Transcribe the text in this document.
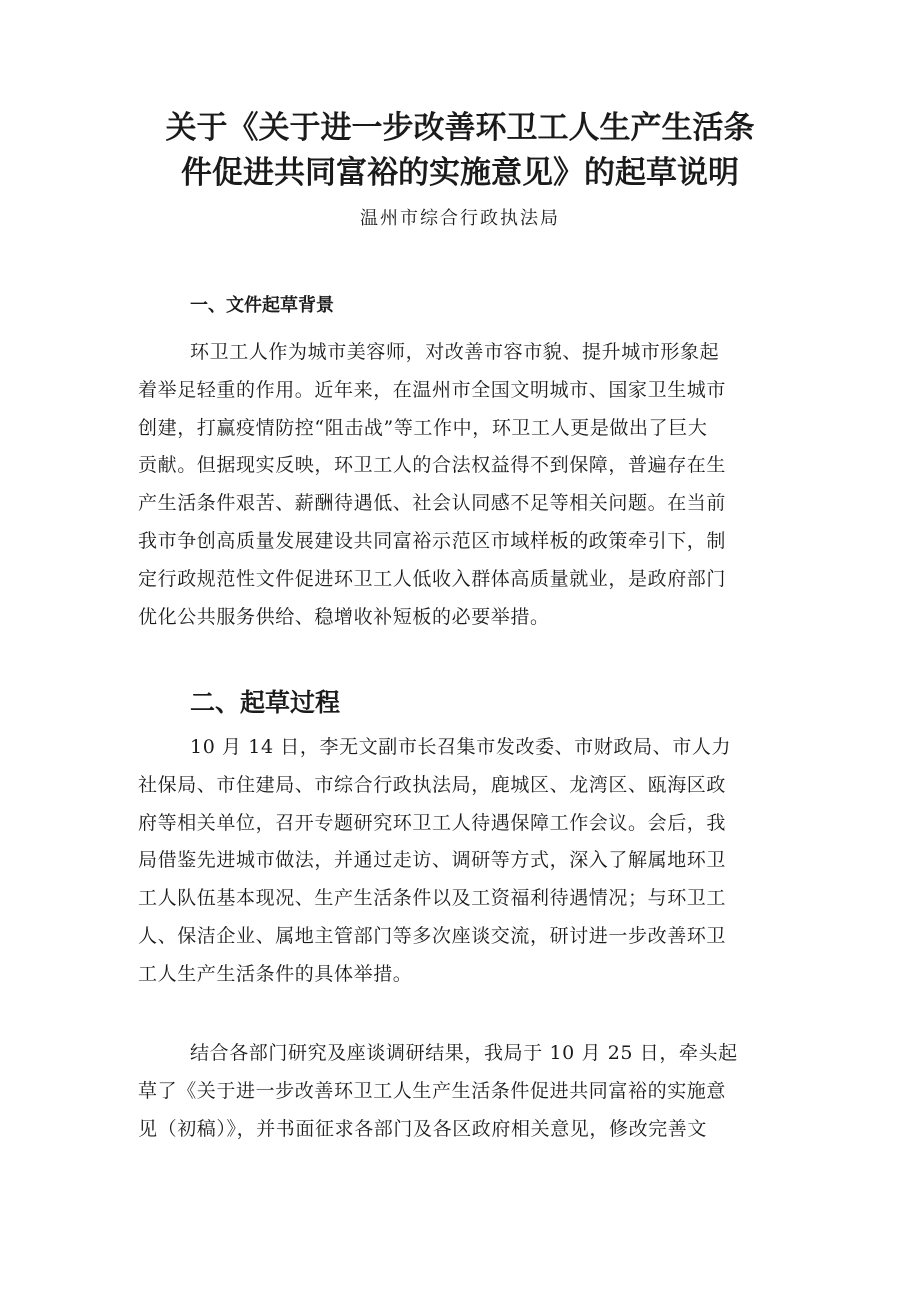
关于《关于进一步改善环卫工人生产生活条
件促进共同富裕的实施意见》的起草说明

温州市综合行政执法局

一、文件起草背景

环卫工人作为城市美容师，对改善市容市貌、提升城市形象起
着举足轻重的作用。近年来，在温州市全国文明城市、国家卫生城市
创建，打赢疫情防控“阻击战”等工作中，环卫工人更是做出了巨大
贡献。但据现实反映，环卫工人的合法权益得不到保障，普遍存在生
产生活条件艰苦、薪酬待遇低、社会认同感不足等相关问题。在当前
我市争创高质量发展建设共同富裕示范区市域样板的政策牵引下，制
定行政规范性文件促进环卫工人低收入群体高质量就业，是政府部门
优化公共服务供给、稳增收补短板的必要举措。

二、起草过程

10 月 14 日，李无文副市长召集市发改委、市财政局、市人力
社保局、市住建局、市综合行政执法局，鹿城区、龙湾区、瓯海区政
府等相关单位，召开专题研究环卫工人待遇保障工作会议。会后，我
局借鉴先进城市做法，并通过走访、调研等方式，深入了解属地环卫
工人队伍基本现况、生产生活条件以及工资福利待遇情况；与环卫工
人、保洁企业、属地主管部门等多次座谈交流，研讨进一步改善环卫
工人生产生活条件的具体举措。

结合各部门研究及座谈调研结果，我局于 10 月 25 日，牵头起
草了《关于进一步改善环卫工人生产生活条件促进共同富裕的实施意
见（初稿）》，并书面征求各部门及各区政府相关意见，修改完善文
